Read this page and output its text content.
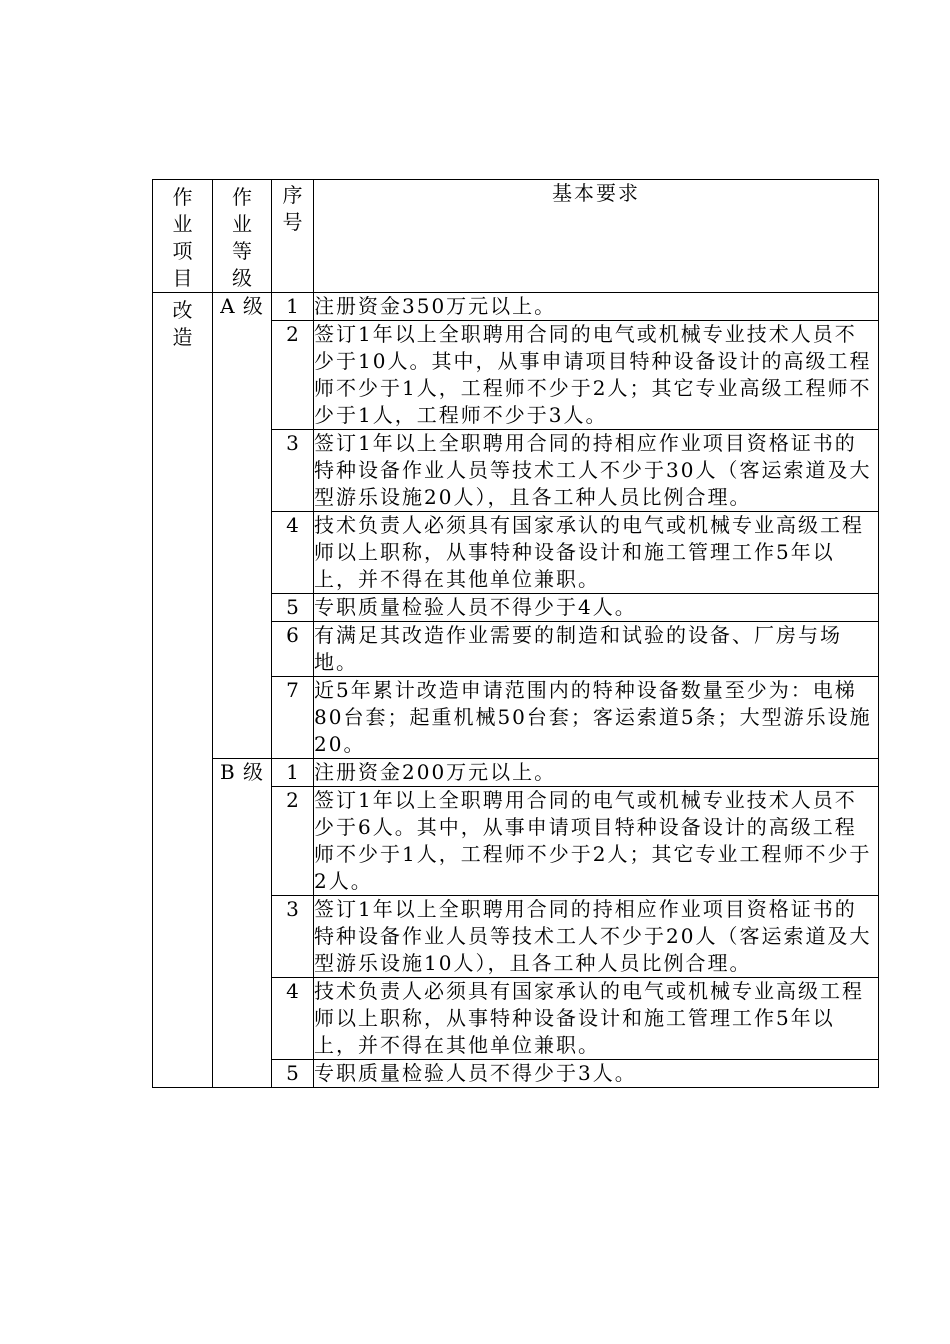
作业项目	作业等级	序号	基本要求

改造	A 级	1	注册资金350万元以上。
		2	签订1年以上全职聘用合同的电气或机械专业技术人员不少于10人。其中，从事申请项目特种设备设计的高级工程师不少于1人，工程师不少于2人；其它专业高级工程师不少于1人，工程师不少于3人。
		3	签订1年以上全职聘用合同的持相应作业项目资格证书的特种设备作业人员等技术工人不少于30人（客运索道及大型游乐设施20人），且各工种人员比例合理。
		4	技术负责人必须具有国家承认的电气或机械专业高级工程师以上职称，从事特种设备设计和施工管理工作5年以上，并不得在其他单位兼职。
		5	专职质量检验人员不得少于4人。
		6	有满足其改造作业需要的制造和试验的设备、厂房与场地。
		7	近5年累计改造申请范围内的特种设备数量至少为：电梯80台套；起重机械50台套；客运索道5条；大型游乐设施20。
	B 级	1	注册资金200万元以上。
		2	签订1年以上全职聘用合同的电气或机械专业技术人员不少于6人。其中，从事申请项目特种设备设计的高级工程师不少于1人，工程师不少于2人；其它专业工程师不少于2人。
		3	签订1年以上全职聘用合同的持相应作业项目资格证书的特种设备作业人员等技术工人不少于20人（客运索道及大型游乐设施10人），且各工种人员比例合理。
		4	技术负责人必须具有国家承认的电气或机械专业高级工程师以上职称，从事特种设备设计和施工管理工作5年以上，并不得在其他单位兼职。
		5	专职质量检验人员不得少于3人。
